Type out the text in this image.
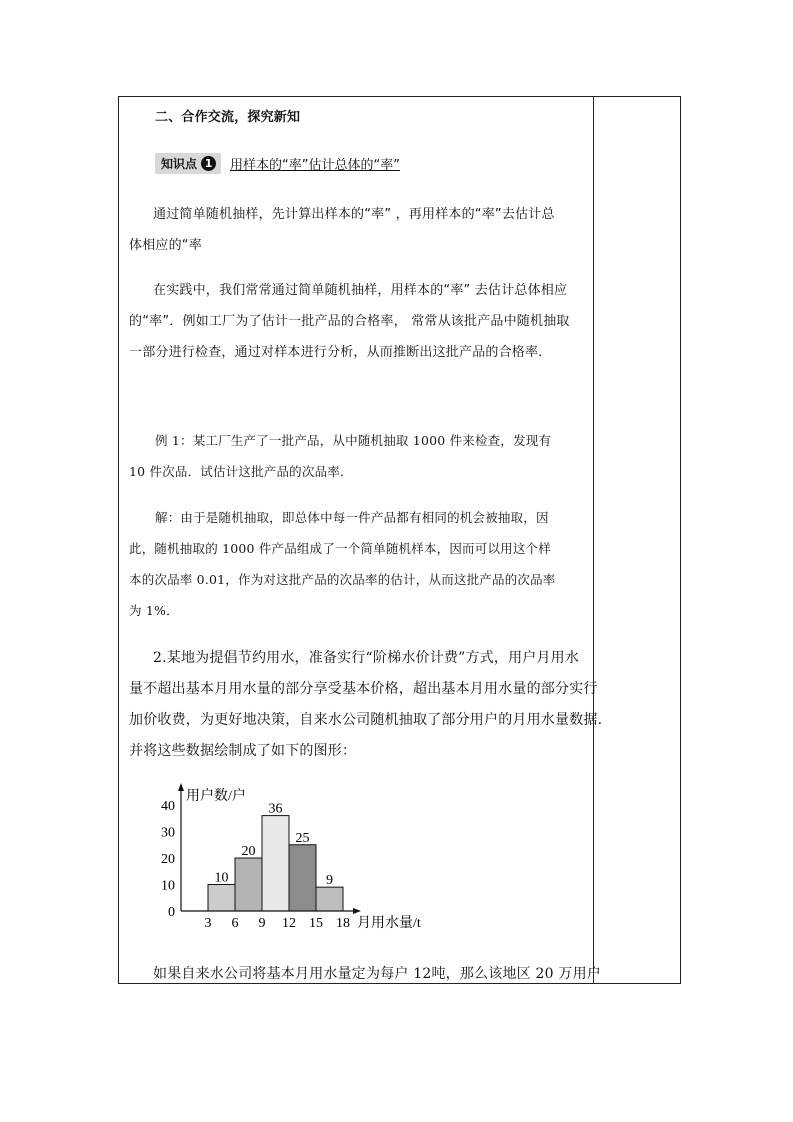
二、合作交流，探究新知
知识点 1 用样本的“率”估计总体的“率”
通过简单随机抽样，先计算出样本的“率” ，再用样本的“率”去估计总
体相应的“率
在实践中，我们常常通过简单随机抽样，用样本的“率” 去估计总体相应
的“率”．例如工厂为了估计一批产品的合格率， 常常从该批产品中随机抽取
一部分进行检查，通过对样本进行分析，从而推断出这批产品的合格率．
例 1：某工厂生产了一批产品，从中随机抽取 1000 件来检查，发现有
10 件次品．试估计这批产品的次品率．
解：由于是随机抽取，即总体中每一件产品都有相同的机会被抽取，因
此，随机抽取的 1000 件产品组成了一个简单随机样本，因而可以用这个样
本的次品率 0.01，作为对这批产品的次品率的估计，从而这批产品的次品率
为 1%．
2.某地为提倡节约用水，准备实行“阶梯水价计费”方式，用户月用水
量不超出基本月用水量的部分享受基本价格，超出基本月用水量的部分实行
加价收费，为更好地决策，自来水公司随机抽取了部分用户的月用水量数据.
并将这些数据绘制成了如下的图形：
用户数/户
月用水量/t
3 6 9 12 15 18
0
10
20
30
40
10
20
36
25
9
如果自来水公司将基本月用水量定为每户 12吨，那么该地区 20 万用户
